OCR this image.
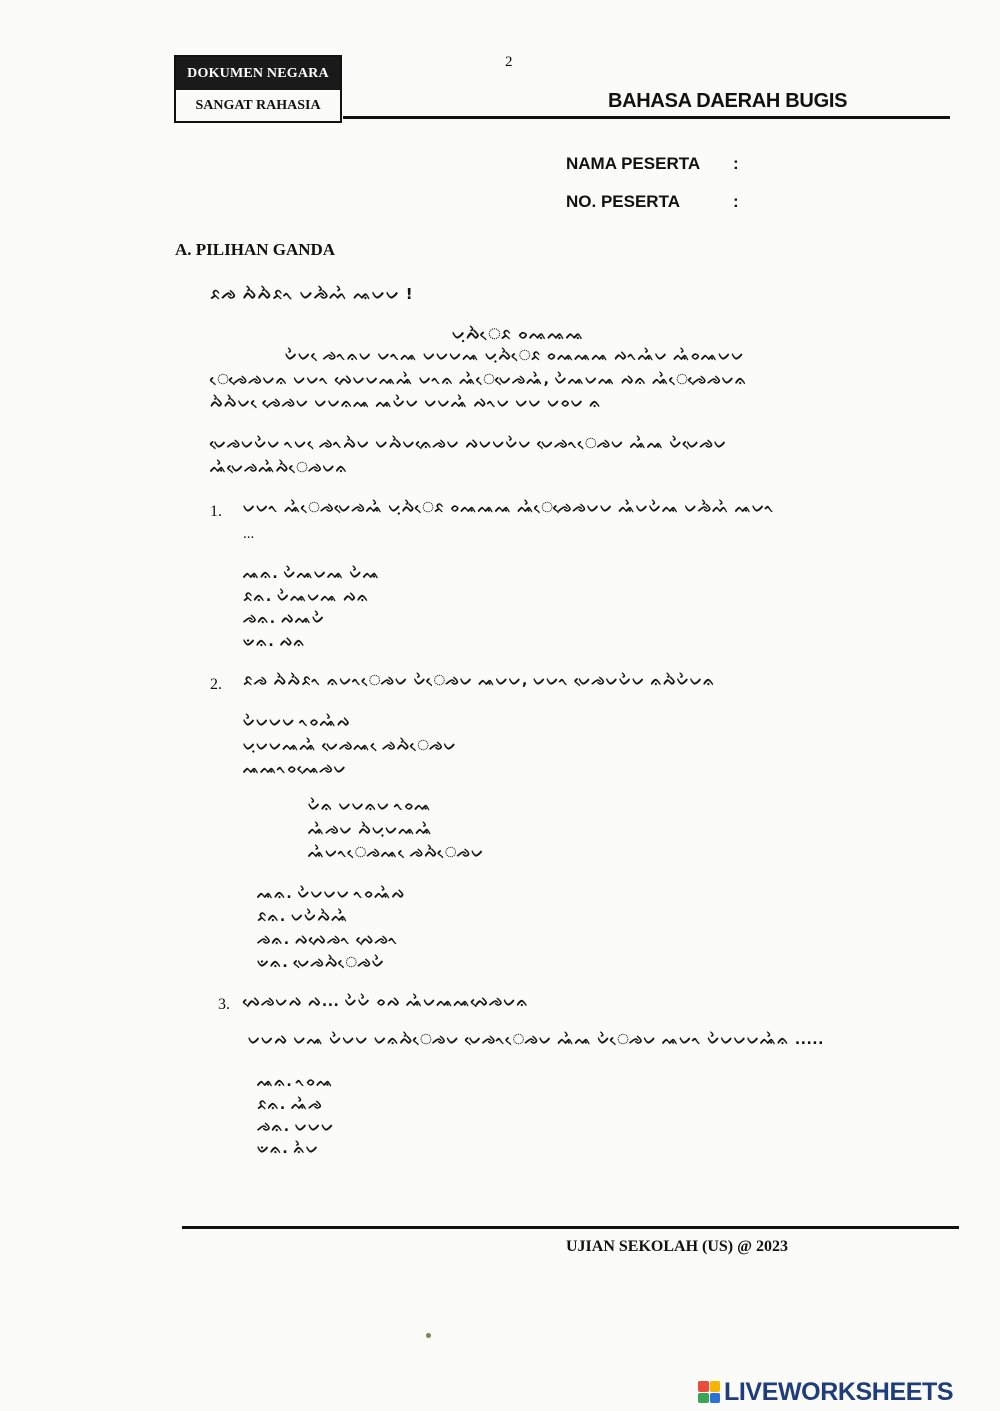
DOKUMEN NEGARA
SANGAT RAHASIA
2
BAHASA DAERAH BUGIS
NAMA PESERTA :
NO. PESERTA	:
A. PILIHAN GANDA
ᨅᨌ ᨄᨛᨄᨛᨅᨚ ᨆᨌᨛᨓᨛ ᨕᨆᨆ !
ᨆᨘᨄᨛᨙᨅ ᨔᨕᨕᨕ
ᨆᨛᨆ ᨙᨌᨚᨊᨆ ᨆᨚᨕ ᨆᨆᨆᨕ ᨆᨘᨄᨛᨙᨅ ᨔᨕᨕᨕ ᨄᨚᨕᨛᨆ ᨕᨛᨔᨕᨆᨆ
ᨙᨌᨙᨌᨆᨊ ᨆᨆᨚ ᨄᨙᨆᨆᨕᨕᨛ ᨆᨚᨊ ᨕᨛᨙᨆᨙᨌᨕᨛ, ᨆᨛᨕᨆᨕ ᨄᨊ ᨕᨛᨙᨌᨙᨌᨆᨊ
ᨄᨛᨄᨛᨆ ᨙᨌᨙᨌᨆ ᨆᨆᨊᨕ ᨕᨆᨛᨆ ᨆᨆᨕᨛ ᨄᨚᨆ ᨆᨆ ᨆᨔᨆ ᨊ
ᨆᨙᨌᨆᨆᨛᨆ ᨚᨆ ᨙᨌᨚᨄᨛᨆ ᨆᨄᨛᨆᨊᨙᨌᨆ ᨄᨆᨆᨆᨛᨆ ᨆᨙᨌᨚᨙᨌᨆ ᨕᨛᨕ ᨆᨛᨆᨙᨌᨆ
ᨕᨛᨆᨙᨌᨕᨛᨄᨛᨙᨌᨆᨊ
1. ᨆᨆᨚ ᨕᨛᨙᨌᨆᨙᨌᨕᨛ ᨆᨘᨄᨛᨙᨅ ᨔᨕᨕᨕ ᨕᨛᨙᨌᨙᨌᨆᨆ ᨕᨛᨆᨆᨛᨕ ᨆᨌᨛᨓᨛ ᨕᨆᨚ
...
ᨕᨊ. ᨆᨛᨕᨆᨕ ᨆᨛᨕ
ᨅᨊ. ᨆᨛᨕᨆᨕ ᨄᨊ
ᨌᨊ. ᨄᨕᨆᨛ
ᨉᨊ. ᨄᨊ
2. ᨅᨌ ᨄᨛᨄᨛᨅᨚ ᨊᨆᨚᨙᨌᨆ ᨆᨛᨙᨌᨆ ᨕᨆᨆ, ᨆᨆᨚ ᨆᨙᨌᨆᨆᨛᨆ ᨊᨄᨛᨆᨛᨆᨊ
ᨆᨛᨆᨆᨆ ᨚᨔᨕᨛᨄ
ᨆᨘᨆᨆᨕᨕᨛ ᨆᨙᨌᨕ ᨙᨌᨄᨛᨙᨌᨆ
ᨕᨕᨚᨔᨕᨙᨌᨆ
ᨆᨛᨊ ᨆᨆᨊᨆ ᨚᨔᨕ
ᨕᨛᨌᨆ ᨄᨛᨆᨘᨆᨕᨕᨛ
ᨕᨛᨆᨚᨙᨌᨕ ᨙᨌᨄᨛᨙᨌᨆ
ᨕᨊ. ᨆᨛᨆᨆᨆ ᨚᨔᨕᨛᨄ
ᨅᨊ. ᨆᨆᨛᨄᨛᨕᨛ
ᨌᨊ. ᨄᨄᨙᨌᨚ ᨄᨙᨌᨚ
ᨉᨊ. ᨆᨙᨌᨄᨛᨙᨌᨆᨛ
3. ᨄᨙᨌᨆᨄ ᨄ... ᨆᨛᨆᨛ ᨔᨄ ᨕᨛᨆᨕᨕᨄᨙᨌᨆᨊ
ᨆᨆᨄ ᨆᨕ ᨆᨛᨆᨆ ᨆᨊᨄᨛᨙᨌᨆ ᨆᨙᨌᨚᨙᨌᨆ ᨕᨛᨕ ᨆᨛᨙᨌᨆ ᨕᨆᨚ ᨆᨛᨆᨆᨆᨕᨛᨊ .....
ᨕᨊ. ᨚᨔᨕ
ᨅᨊ. ᨕᨛᨌ
ᨌᨊ. ᨆᨆᨆ
ᨉᨊ. ᨊᨛᨆ
UJIAN SEKOLAH (US) @ 2023
LIVEWORKSHEETS
